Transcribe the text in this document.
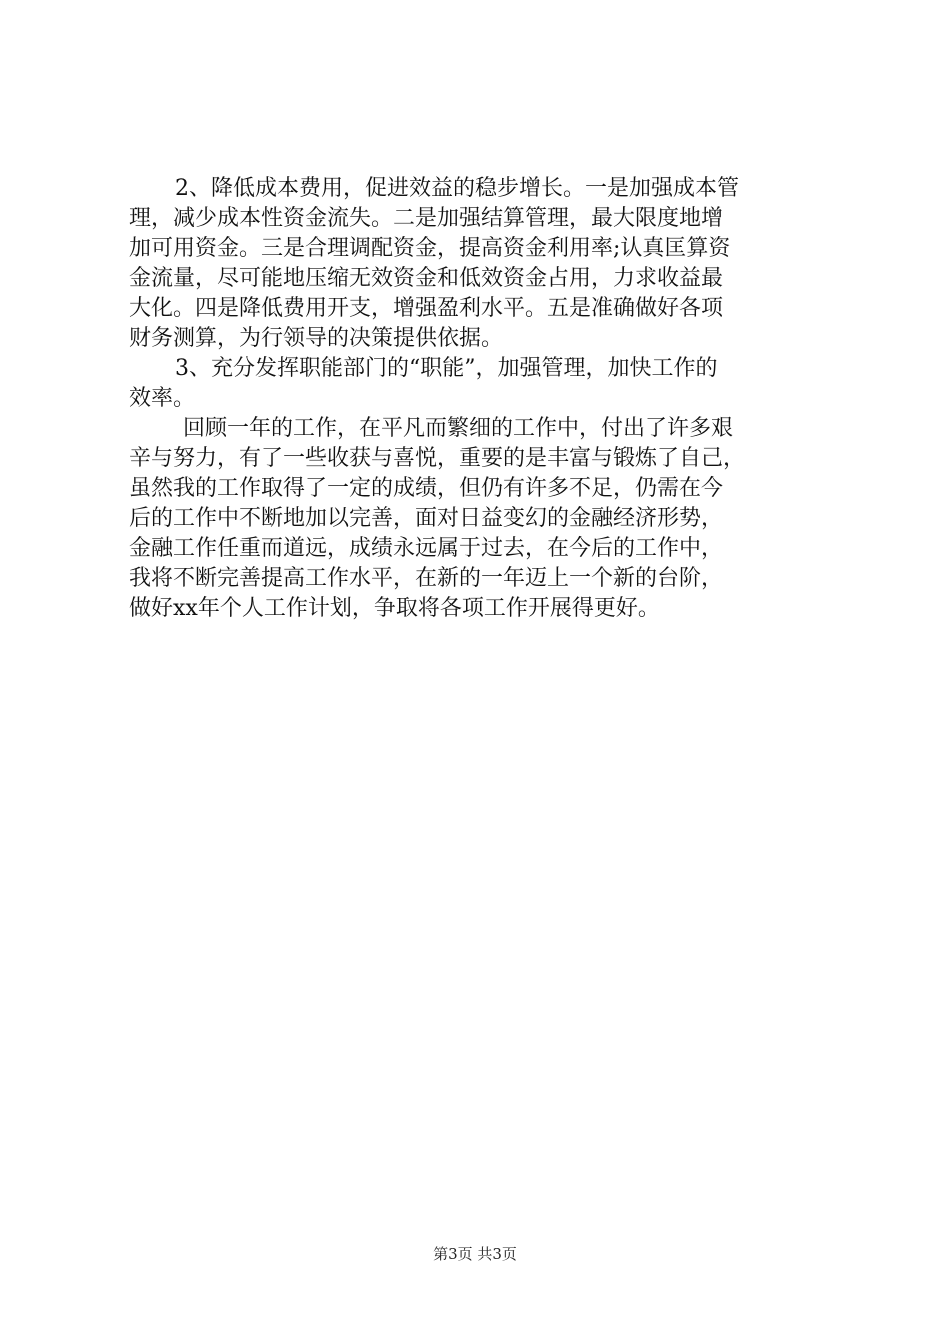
2、降低成本费用，促进效益的稳步增长。一是加强成本管
理，减少成本性资金流失。二是加强结算管理，最大限度地增
加可用资金。三是合理调配资金，提高资金利用率;认真匡算资
金流量，尽可能地压缩无效资金和低效资金占用，力求收益最
大化。四是降低费用开支，增强盈利水平。五是准确做好各项
财务测算，为行领导的决策提供依据。
3、充分发挥职能部门的“职能”，加强管理，加快工作的
效率。
回顾一年的工作，在平凡而繁细的工作中，付出了许多艰
辛与努力，有了一些收获与喜悦，重要的是丰富与锻炼了自己，
虽然我的工作取得了一定的成绩，但仍有许多不足，仍需在今
后的工作中不断地加以完善，面对日益变幻的金融经济形势，
金融工作任重而道远，成绩永远属于过去，在今后的工作中，
我将不断完善提高工作水平，在新的一年迈上一个新的台阶，
做好xx年个人工作计划，争取将各项工作开展得更好。
第3页 共3页
